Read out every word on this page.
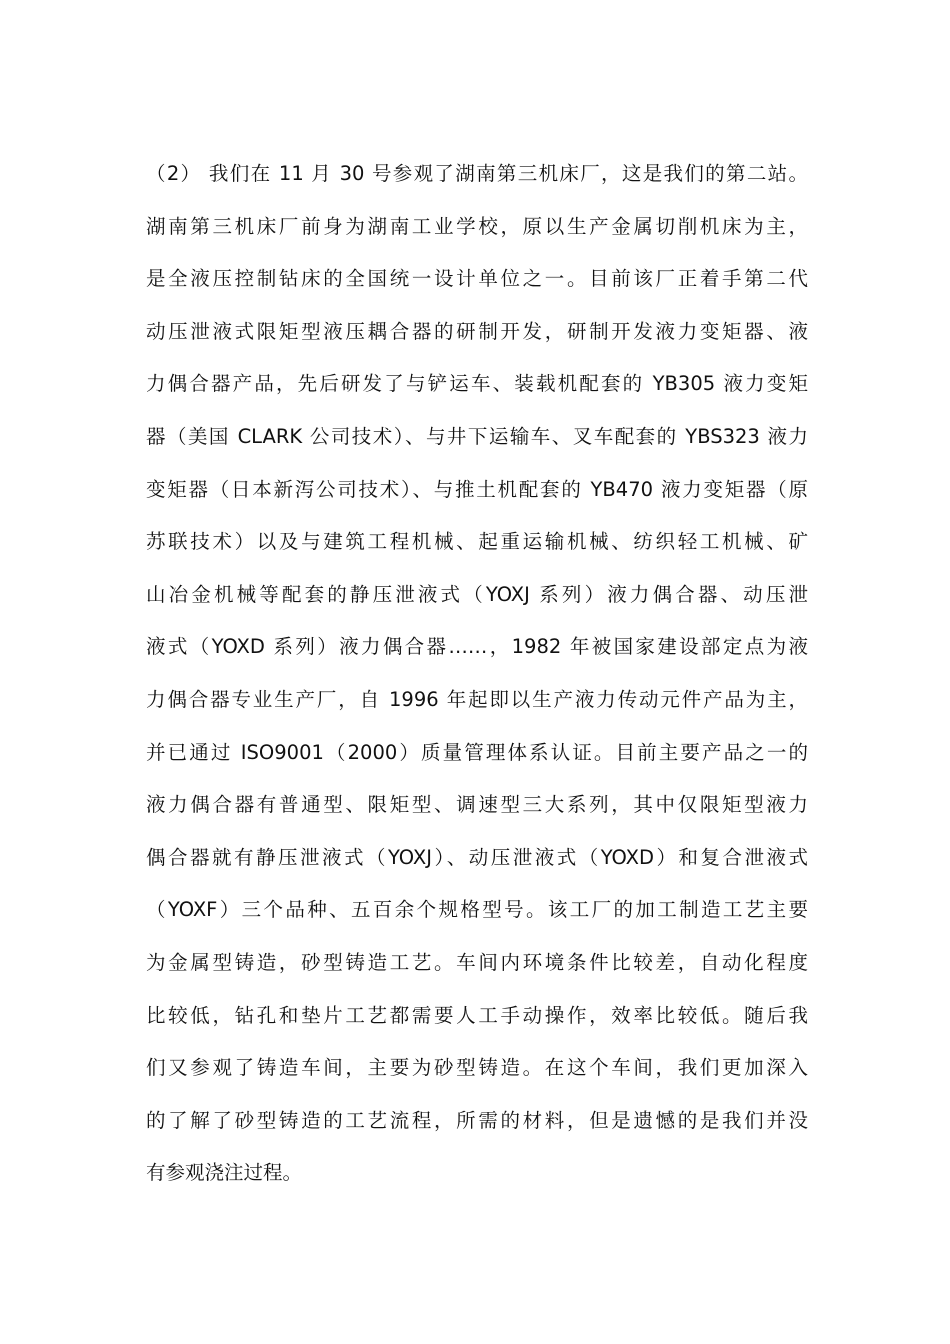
（2） 我们在 11 月 30 号参观了湖南第三机床厂，这是我们的第二站。
湖南第三机床厂前身为湖南工业学校，原以生产金属切削机床为主，
是全液压控制钻床的全国统一设计单位之一。目前该厂正着手第二代
动压泄液式限矩型液压耦合器的研制开发，研制开发液力变矩器、液
力偶合器产品，先后研发了与铲运车、装载机配套的 YB305 液力变矩
器（美国 CLARK 公司技术）、与井下运输车、叉车配套的 YBS323 液力
变矩器（日本新泻公司技术）、与推土机配套的 YB470 液力变矩器（原
苏联技术）以及与建筑工程机械、起重运输机械、纺织轻工机械、矿
山冶金机械等配套的静压泄液式（YOXJ 系列）液力偶合器、动压泄
液式（YOXD 系列）液力偶合器……，1982 年被国家建设部定点为液
力偶合器专业生产厂，自 1996 年起即以生产液力传动元件产品为主，
并已通过 ISO9001（2000）质量管理体系认证。目前主要产品之一的
液力偶合器有普通型、限矩型、调速型三大系列，其中仅限矩型液力
偶合器就有静压泄液式（YOXJ）、动压泄液式（YOXD）和复合泄液式
（YOXF）三个品种、五百余个规格型号。该工厂的加工制造工艺主要
为金属型铸造，砂型铸造工艺。车间内环境条件比较差，自动化程度
比较低，钻孔和垫片工艺都需要人工手动操作，效率比较低。随后我
们又参观了铸造车间，主要为砂型铸造。在这个车间，我们更加深入
的了解了砂型铸造的工艺流程，所需的材料，但是遗憾的是我们并没
有参观浇注过程。
